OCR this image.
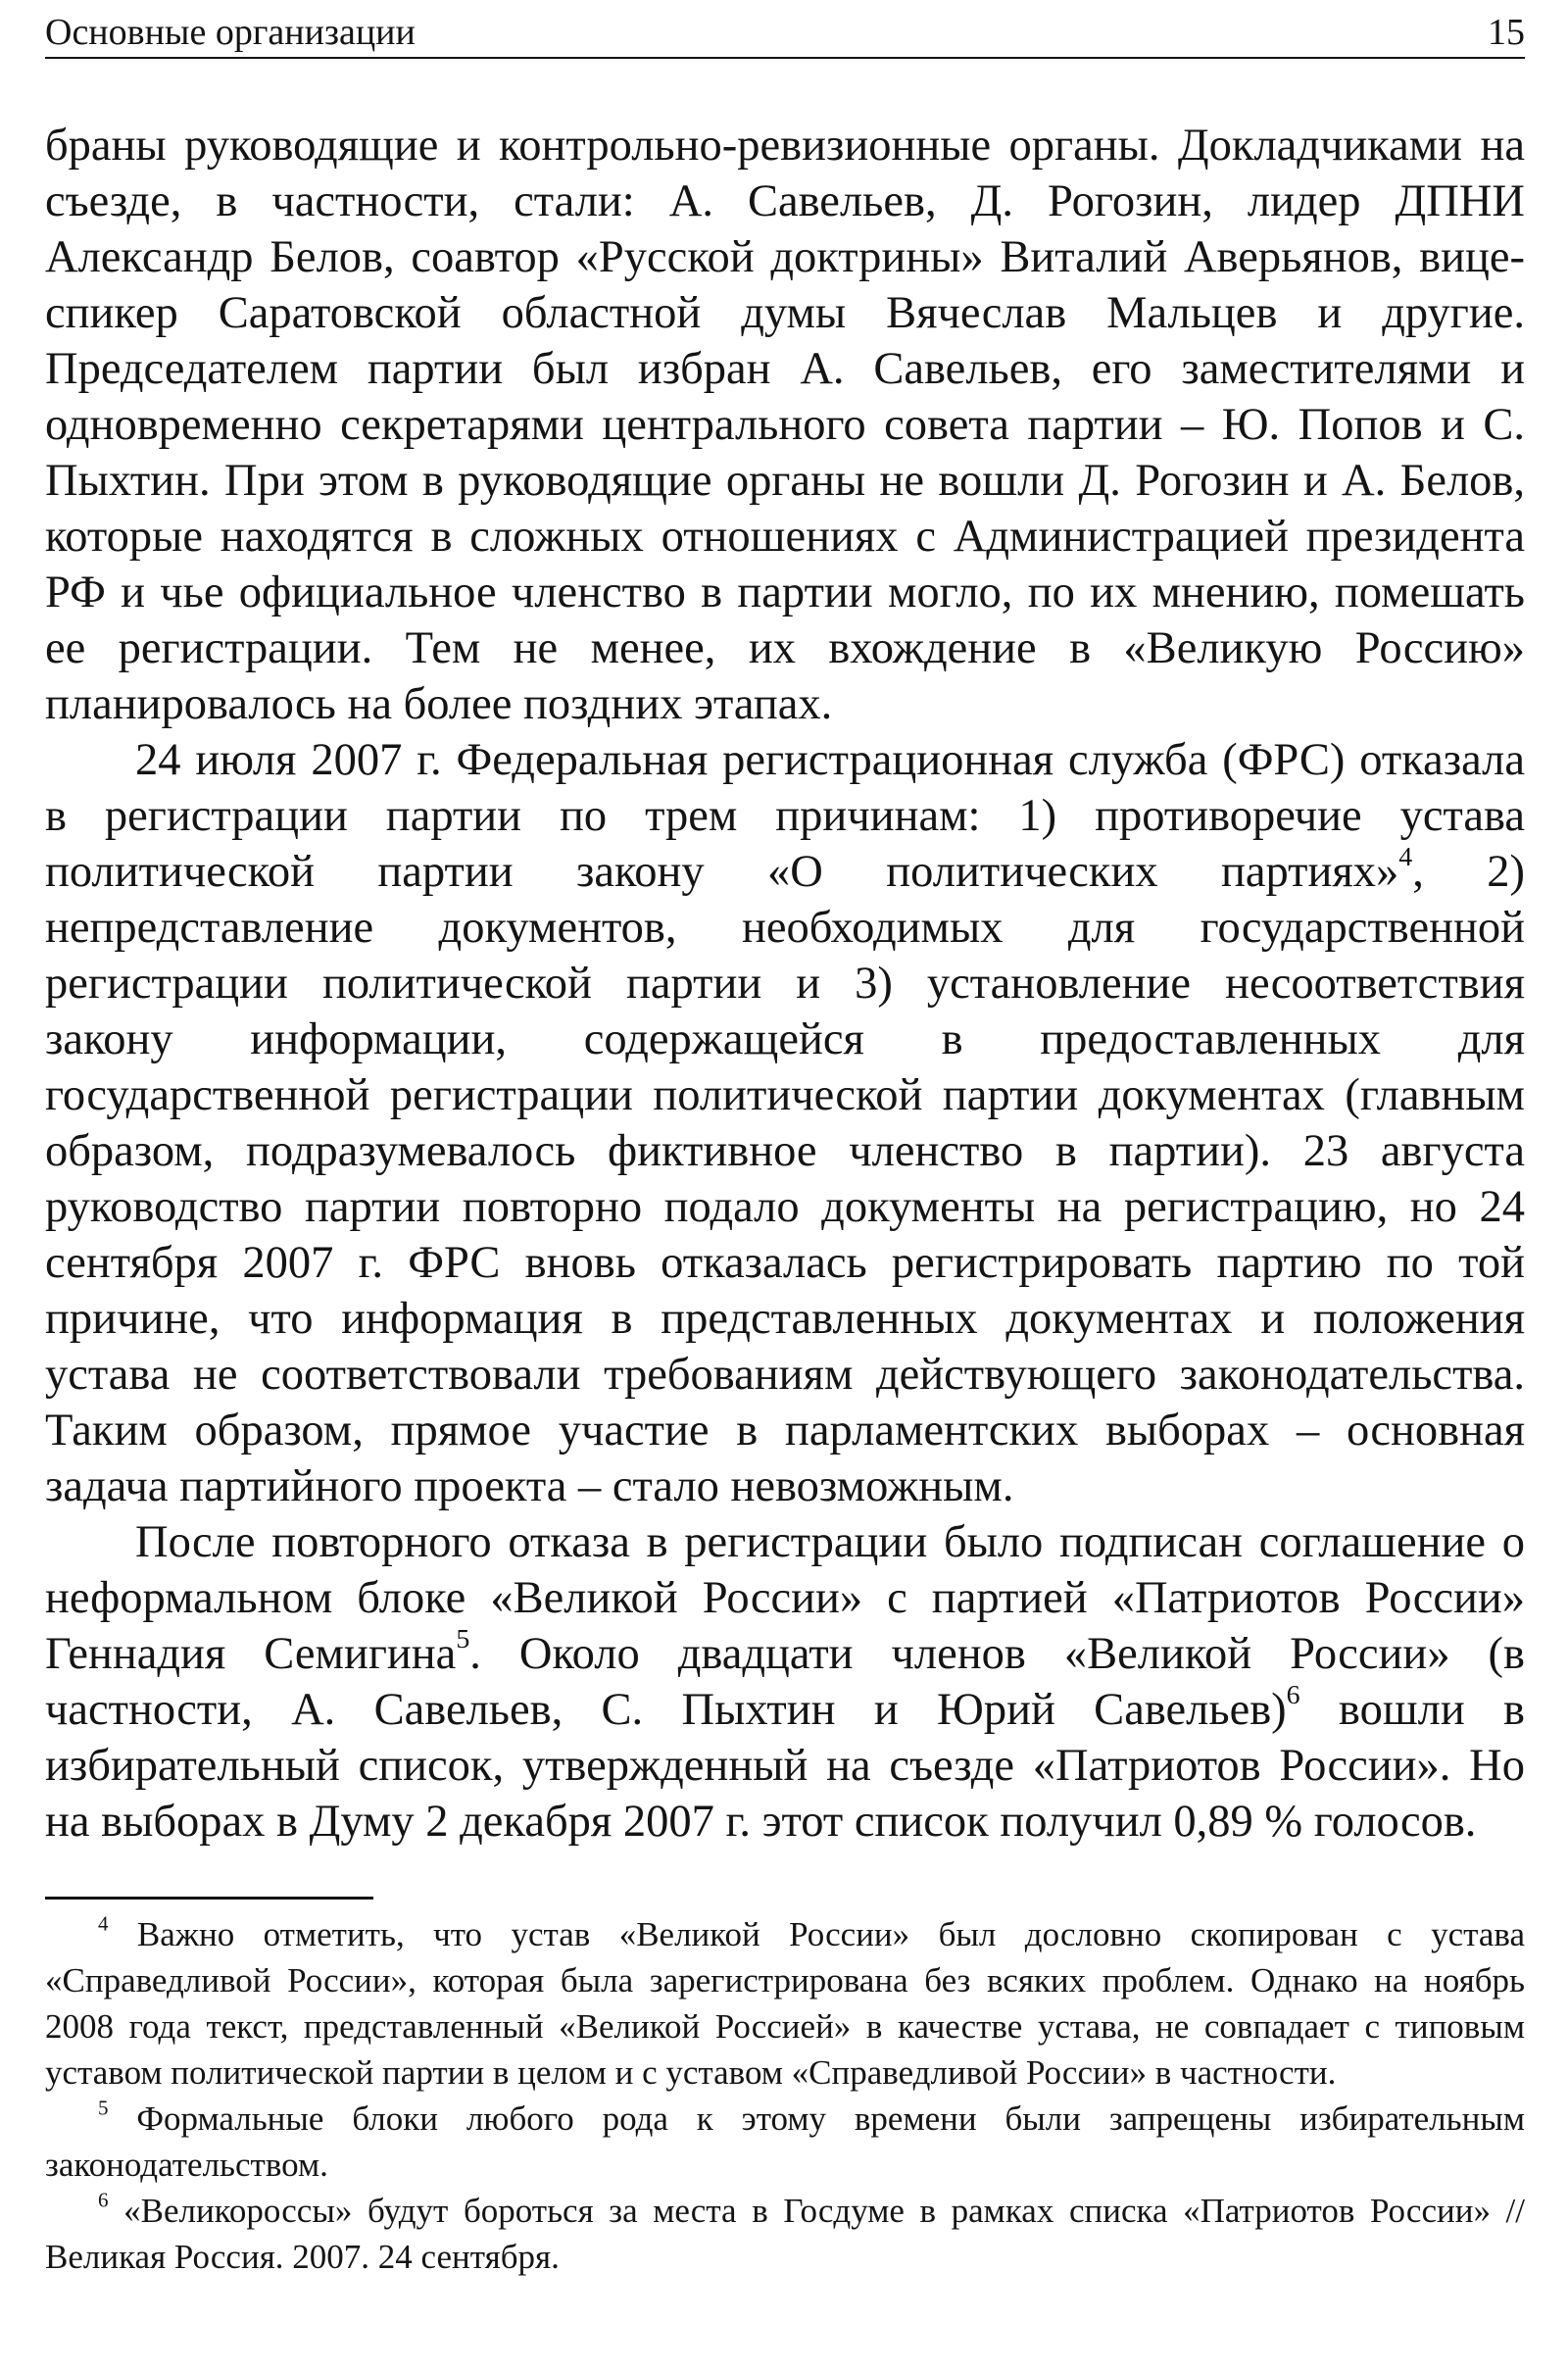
Основные организации	15

браны руководящие и контрольно-ревизионные органы. Докладчиками на съезде, в частности, стали: А. Савельев, Д. Рогозин, лидер ДПНИ Александр Белов, соавтор «Русской доктрины» Виталий Аверьянов, вице-спикер Саратовской областной думы Вячеслав Мальцев и другие. Председателем партии был избран А. Савельев, его заместителями и одновременно секретарями центрального совета партии – Ю. Попов и С. Пыхтин. При этом в руководящие органы не вошли Д. Рогозин и А. Белов, которые находятся в сложных отношениях с Администрацией президента РФ и чье официальное членство в партии могло, по их мнению, помешать ее регистрации. Тем не менее, их вхождение в «Великую Россию» планировалось на более поздних этапах.

24 июля 2007 г. Федеральная регистрационная служба (ФРС) отказала в регистрации партии по трем причинам: 1) противоречие устава политической партии закону «О политических партиях»$^4$, 2) непредставление документов, необходимых для государственной регистрации политической партии и 3) установление несоответствия закону информации, содержащейся в предоставленных для государственной регистрации политической партии документах (главным образом, подразумевалось фиктивное членство в партии). 23 августа руководство партии повторно подало документы на регистрацию, но 24 сентября 2007 г. ФРС вновь отказалась регистрировать партию по той причине, что информация в представленных документах и положения устава не соответствовали требованиям действующего законодательства. Таким образом, прямое участие в парламентских выборах – основная задача партийного проекта – стало невозможным.

После повторного отказа в регистрации было подписан соглашение о неформальном блоке «Великой России» с партией «Патриотов России» Геннадия Семигина$^5$. Около двадцати членов «Великой России» (в частности, А. Савельев, С. Пыхтин и Юрий Савельев)$^6$ вошли в избирательный список, утвержденный на съезде «Патриотов России». Но на выборах в Думу 2 декабря 2007 г. этот список получил 0,89 % голосов.

$^4$ Важно отметить, что устав «Великой России» был дословно скопирован с устава «Справедливой России», которая была зарегистрирована без всяких проблем. Однако на ноябрь 2008 года текст, представленный «Великой Россией» в качестве устава, не совпадает с типовым уставом политической партии в целом и с уставом «Справедливой России» в частности.

$^5$ Формальные блоки любого рода к этому времени были запрещены избирательным законодательством.

$^6$ «Великороссы» будут бороться за места в Госдуме в рамках списка «Патриотов России» // Великая Россия. 2007. 24 сентября.
